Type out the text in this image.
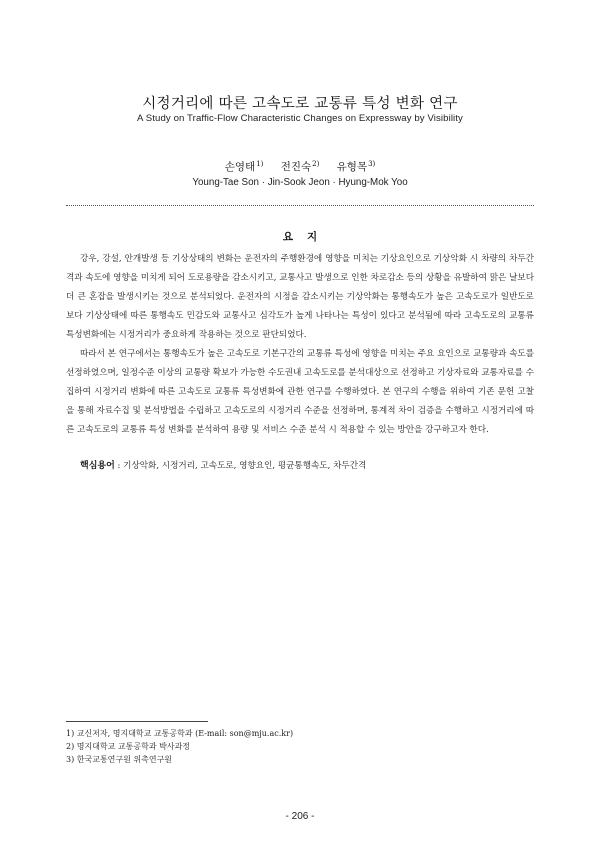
시정거리에 따른 고속도로 교통류 특성 변화 연구
A Study on Traffic-Flow Characteristic Changes on Expressway by Visibility
손영태$^{1)}$ 전진숙$^{2)}$ 유형목$^{3)}$
Young-Tae Son · Jin-Sook Jeon · Hyung-Mok Yoo
요지

강우, 강설, 안개발생 등 기상상태의 변화는 운전자의 주행환경에 영향을 미치는 기상요인으로 기상악화 시 차량의 차두간격과 속도에 영향을 미치게 되어 도로용량을 감소시키고, 교통사고 발생으로 인한 차로감소 등의 상황을 유발하여 맑은 날보다 더 큰 혼잡을 발생시키는 것으로 분석되었다. 운전자의 시정을 감소시키는 기상악화는 통행속도가 높은 고속도로가 일반도로 보다 기상상태에 따른 통행속도 민감도와 교통사고 심각도가 높게 나타나는 특성이 있다고 분석됨에 따라 고속도로의 교통류 특성변화에는 시정거리가 중요하게 작용하는 것으로 판단되었다.

따라서 본 연구에서는 통행속도가 높은 고속도로 기본구간의 교통류 특성에 영향을 미치는 주요 요인으로 교통량과 속도를 선정하였으며, 일정수준 이상의 교통량 확보가 가능한 수도권내 고속도로를 분석대상으로 선정하고 기상자료와 교통자료를 수집하여 시정거리 변화에 따른 고속도로 교통류 특성변화에 관한 연구를 수행하였다. 본 연구의 수행을 위하여 기존 문헌 고찰을 통해 자료수집 및 분석방법을 수립하고 고속도로의 시정거리 수준을 선정하며, 통계적 차이 검증을 수행하고 시정거리에 따른 고속도로의 교통류 특성 변화를 분석하여 용량 및 서비스 수준 분석 시 적용할 수 있는 방안을 강구하고자 한다.

핵심용어 : 기상악화, 시정거리, 고속도로, 영향요인, 평균통행속도, 차두간격
1) 교신저자, 명지대학교 교통공학과 (E-mail: son@mju.ac.kr)
2) 명지대학교 교통공학과 박사과정
3) 한국교통연구원 위촉연구원
- 206 -
